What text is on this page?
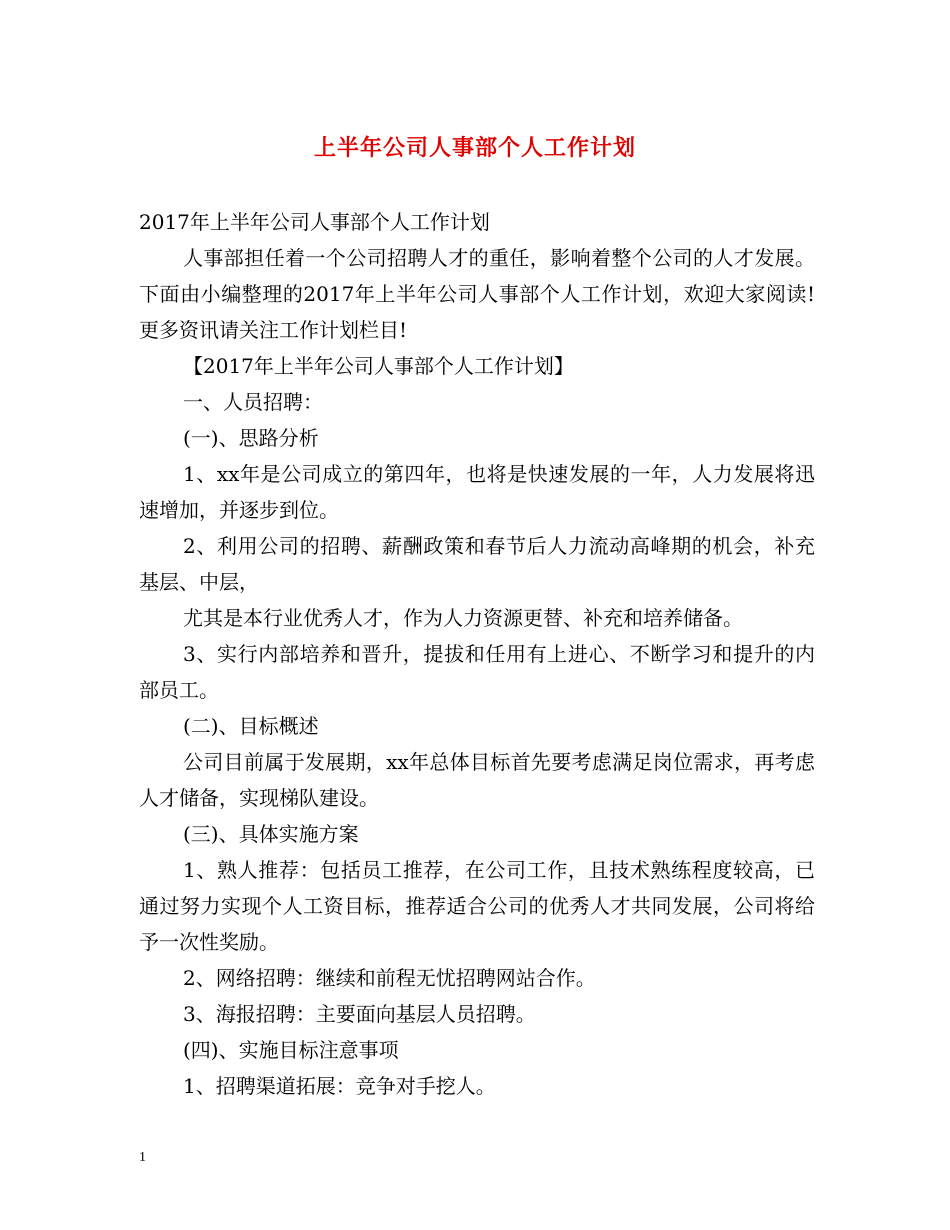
上半年公司人事部个人工作计划

2017年上半年公司人事部个人工作计划

人事部担任着一个公司招聘人才的重任，影响着整个公司的人才发展。下面由小编整理的2017年上半年公司人事部个人工作计划，欢迎大家阅读!更多资讯请关注工作计划栏目!

【2017年上半年公司人事部个人工作计划】

一、人员招聘：

(一)、思路分析

1、xx年是公司成立的第四年，也将是快速发展的一年，人力发展将迅速增加，并逐步到位。

2、利用公司的招聘、薪酬政策和春节后人力流动高峰期的机会，补充基层、中层，

尤其是本行业优秀人才，作为人力资源更替、补充和培养储备。

3、实行内部培养和晋升，提拔和任用有上进心、不断学习和提升的内部员工。

(二)、目标概述

公司目前属于发展期，xx年总体目标首先要考虑满足岗位需求，再考虑人才储备，实现梯队建设。

(三)、具体实施方案

1、熟人推荐：包括员工推荐，在公司工作，且技术熟练程度较高，已通过努力实现个人工资目标，推荐适合公司的优秀人才共同发展，公司将给予一次性奖励。

2、网络招聘：继续和前程无忧招聘网站合作。

3、海报招聘：主要面向基层人员招聘。

(四)、实施目标注意事项

1、招聘渠道拓展：竞争对手挖人。

1
